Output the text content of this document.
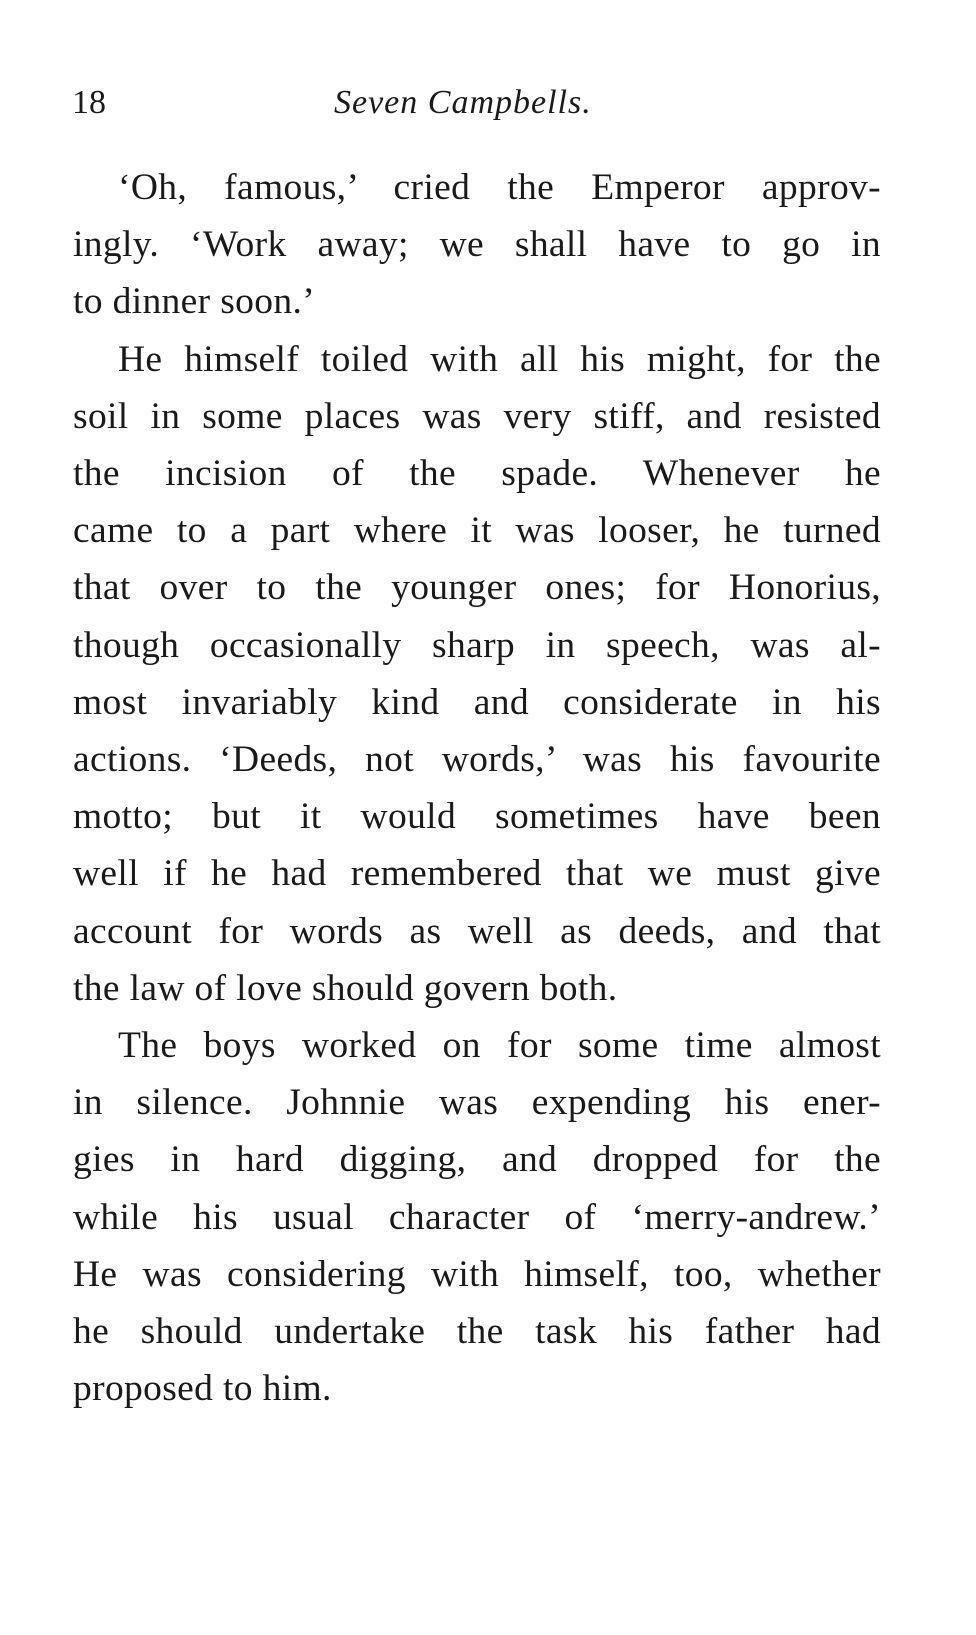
18	Seven Campbells.
‘Oh, famous,’ cried the Emperor approv-
ingly. ‘Work away; we shall have to go in
to dinner soon.’
He himself toiled with all his might, for the
soil in some places was very stiff, and resisted
the incision of the spade. Whenever he
came to a part where it was looser, he turned
that over to the younger ones; for Honorius,
though occasionally sharp in speech, was al-
most invariably kind and considerate in his
actions. ‘Deeds, not words,’ was his favourite
motto; but it would sometimes have been
well if he had remembered that we must give
account for words as well as deeds, and that
the law of love should govern both.
The boys worked on for some time almost
in silence. Johnnie was expending his ener-
gies in hard digging, and dropped for the
while his usual character of ‘merry-andrew.’
He was considering with himself, too, whether
he should undertake the task his father had
proposed to him.
